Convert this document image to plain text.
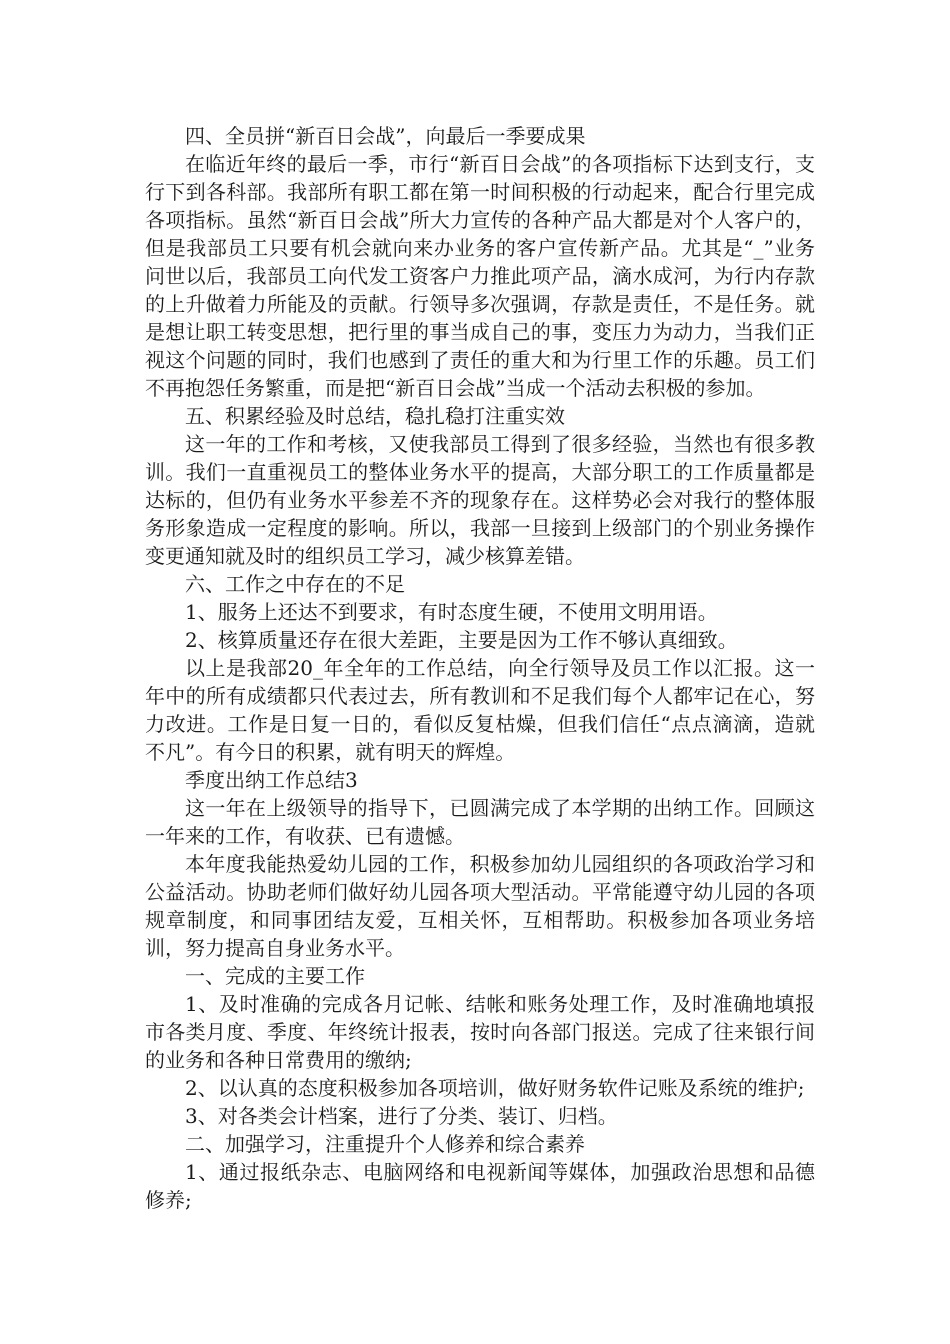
四、全员拼“新百日会战”，向最后一季要成果

在临近年终的最后一季，市行“新百日会战”的各项指标下达到支行，支行下到各科部。我部所有职工都在第一时间积极的行动起来，配合行里完成各项指标。虽然“新百日会战”所大力宣传的各种产品大都是对个人客户的，但是我部员工只要有机会就向来办业务的客户宣传新产品。尤其是“_”业务问世以后，我部员工向代发工资客户力推此项产品，滴水成河，为行内存款的上升做着力所能及的贡献。行领导多次强调，存款是责任，不是任务。就是想让职工转变思想，把行里的事当成自己的事，变压力为动力，当我们正视这个问题的同时，我们也感到了责任的重大和为行里工作的乐趣。员工们不再抱怨任务繁重，而是把“新百日会战”当成一个活动去积极的参加。

五、积累经验及时总结，稳扎稳打注重实效

这一年的工作和考核，又使我部员工得到了很多经验，当然也有很多教训。我们一直重视员工的整体业务水平的提高，大部分职工的工作质量都是达标的，但仍有业务水平参差不齐的现象存在。这样势必会对我行的整体服务形象造成一定程度的影响。所以，我部一旦接到上级部门的个别业务操作变更通知就及时的组织员工学习，减少核算差错。

六、工作之中存在的不足

1、服务上还达不到要求，有时态度生硬，不使用文明用语。

2、核算质量还存在很大差距，主要是因为工作不够认真细致。

以上是我部20_年全年的工作总结，向全行领导及员工作以汇报。这一年中的所有成绩都只代表过去，所有教训和不足我们每个人都牢记在心，努力改进。工作是日复一日的，看似反复枯燥，但我们信任“点点滴滴，造就不凡”。有今日的积累，就有明天的辉煌。

季度出纳工作总结3

这一年在上级领导的指导下，已圆满完成了本学期的出纳工作。回顾这一年来的工作，有收获、已有遗憾。

本年度我能热爱幼儿园的工作，积极参加幼儿园组织的各项政治学习和公益活动。协助老师们做好幼儿园各项大型活动。平常能遵守幼儿园的各项规章制度，和同事团结友爱，互相关怀，互相帮助。积极参加各项业务培训，努力提高自身业务水平。

一、完成的主要工作

1、及时准确的完成各月记帐、结帐和账务处理工作，及时准确地填报市各类月度、季度、年终统计报表，按时向各部门报送。完成了往来银行间的业务和各种日常费用的缴纳;

2、以认真的态度积极参加各项培训，做好财务软件记账及系统的维护;

3、对各类会计档案，进行了分类、装订、归档。

二、加强学习，注重提升个人修养和综合素养

1、通过报纸杂志、电脑网络和电视新闻等媒体，加强政治思想和品德修养;
